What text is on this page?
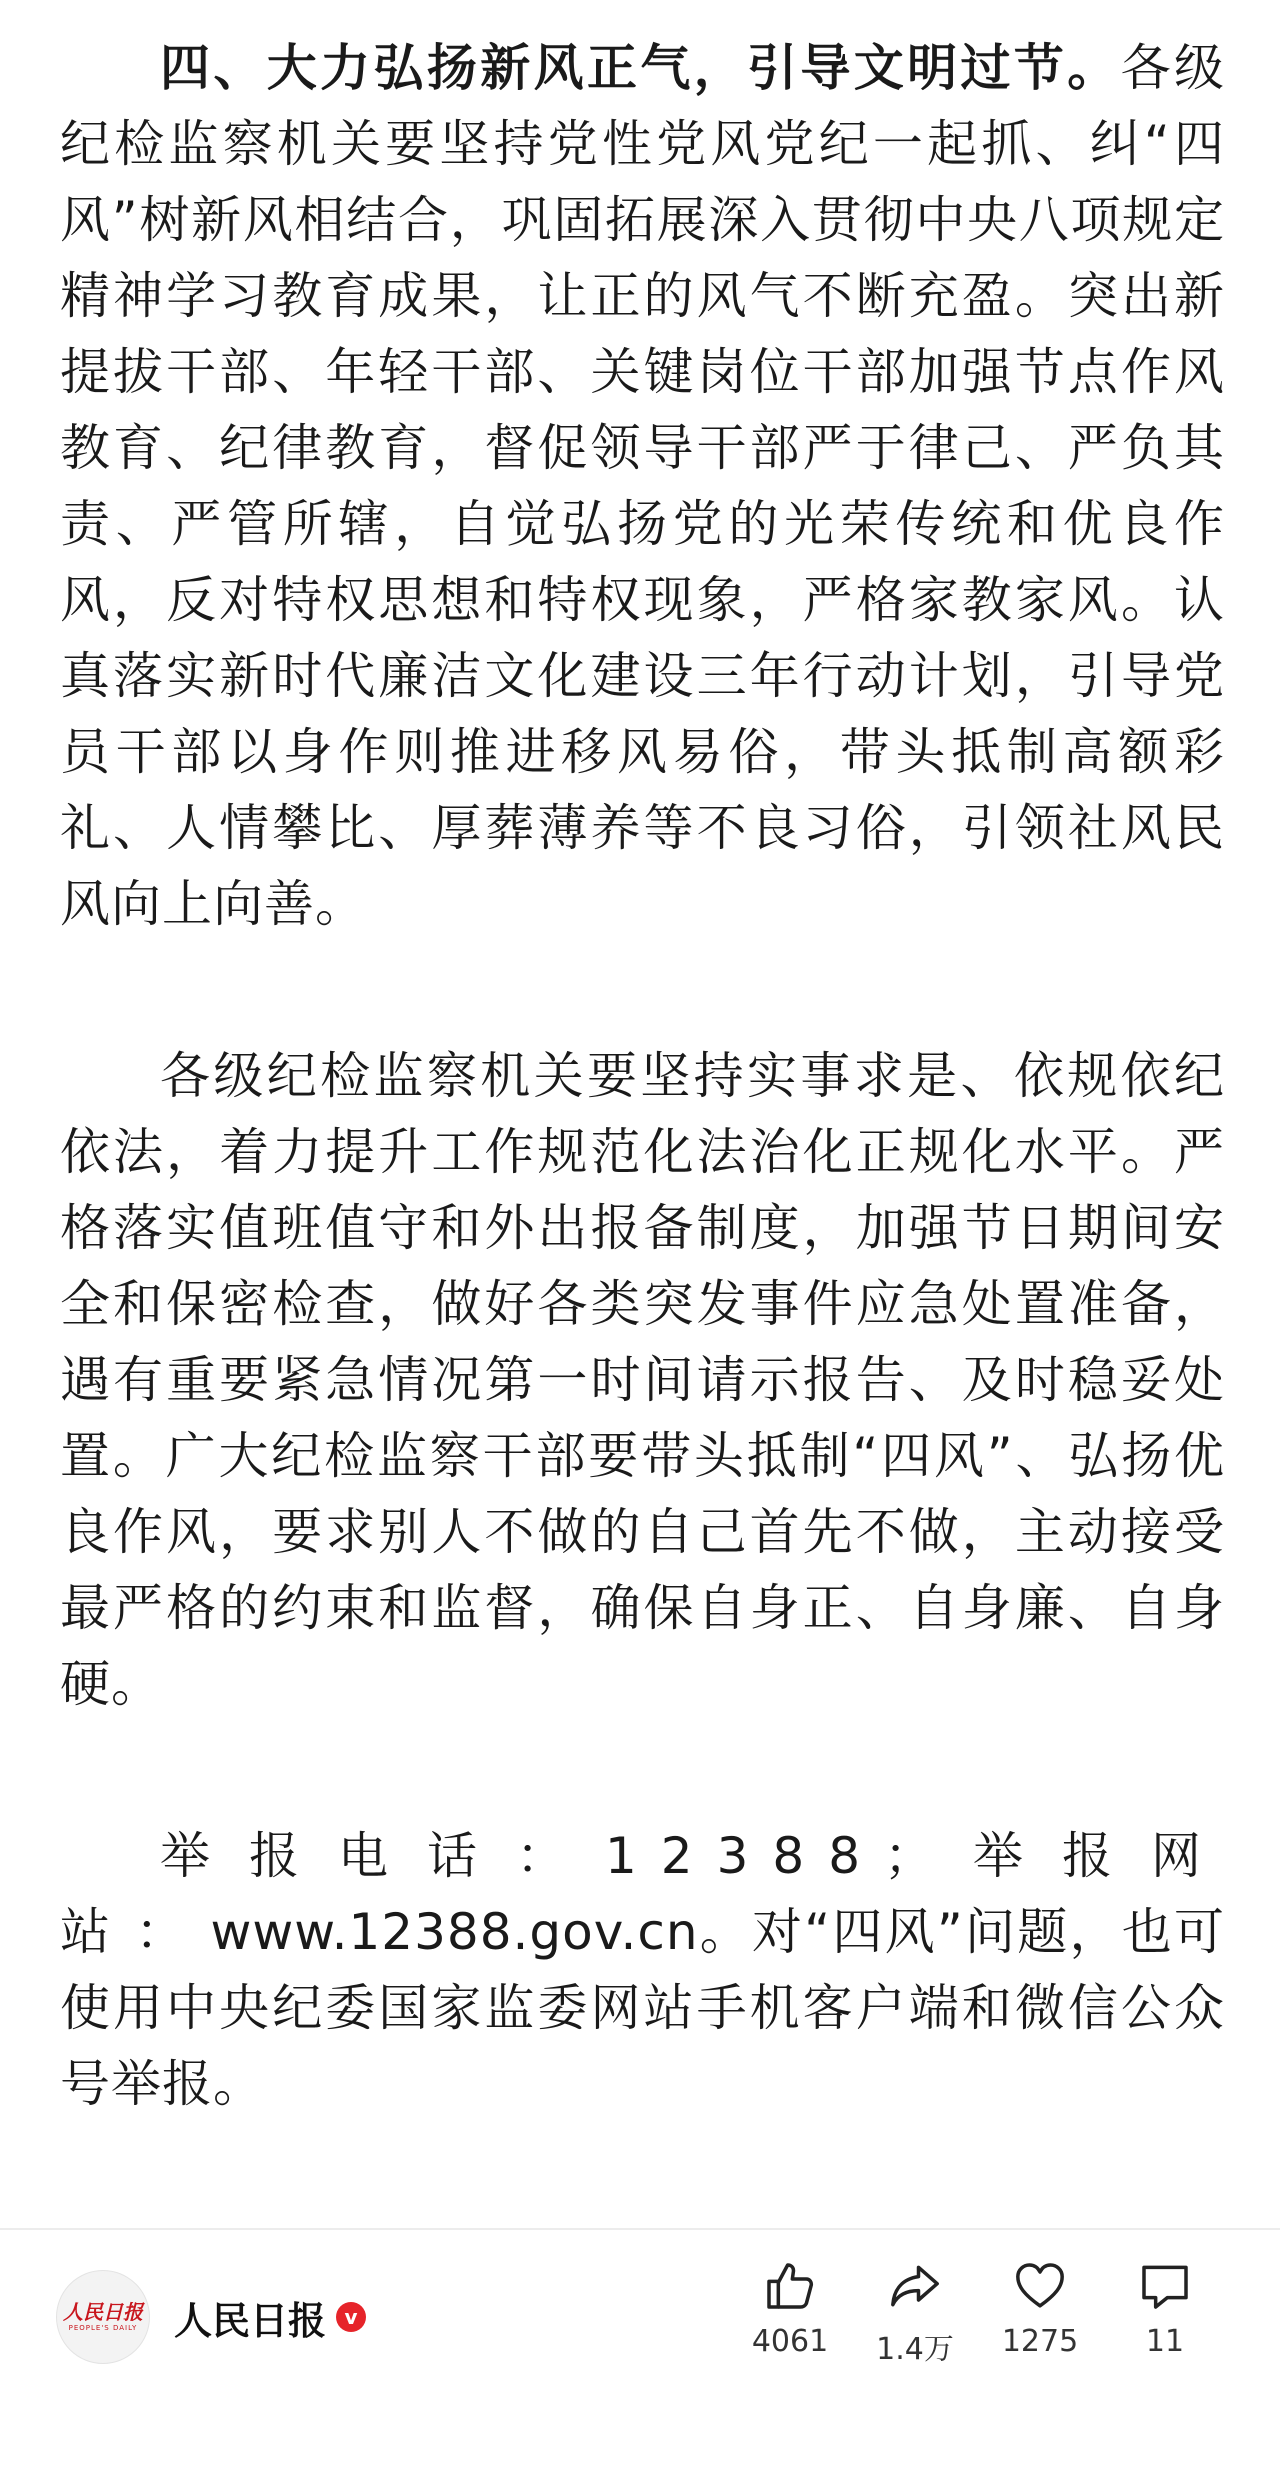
四、大力弘扬新风正气，引导文明过节。各级纪检监察机关要坚持党性党风党纪一起抓、纠“四风”树新风相结合，巩固拓展深入贯彻中央八项规定精神学习教育成果，让正的风气不断充盈。突出新提拔干部、年轻干部、关键岗位干部加强节点作风教育、纪律教育，督促领导干部严于律己、严负其责、严管所辖，自觉弘扬党的光荣传统和优良作风，反对特权思想和特权现象，严格家教家风。认真落实新时代廉洁文化建设三年行动计划，引导党员干部以身作则推进移风易俗，带头抵制高额彩礼、人情攀比、厚葬薄养等不良习俗，引领社风民风向上向善。

各级纪检监察机关要坚持实事求是、依规依纪依法，着力提升工作规范化法治化正规化水平。严格落实值班值守和外出报备制度，加强节日期间安全和保密检查，做好各类突发事件应急处置准备，遇有重要紧急情况第一时间请示报告、及时稳妥处置。广大纪检监察干部要带头抵制“四风”、弘扬优良作风，要求别人不做的自己首先不做，主动接受最严格的约束和监督，确保自身正、自身廉、自身硬。

举报电话：12388；举报网站：www.12388.gov.cn。对“四风”问题，也可使用中央纪委国家监委网站手机客户端和微信公众号举报。

人民日报
PEOPLE'S DAILY 人民日报 v
4061 1.4万 1275 11
